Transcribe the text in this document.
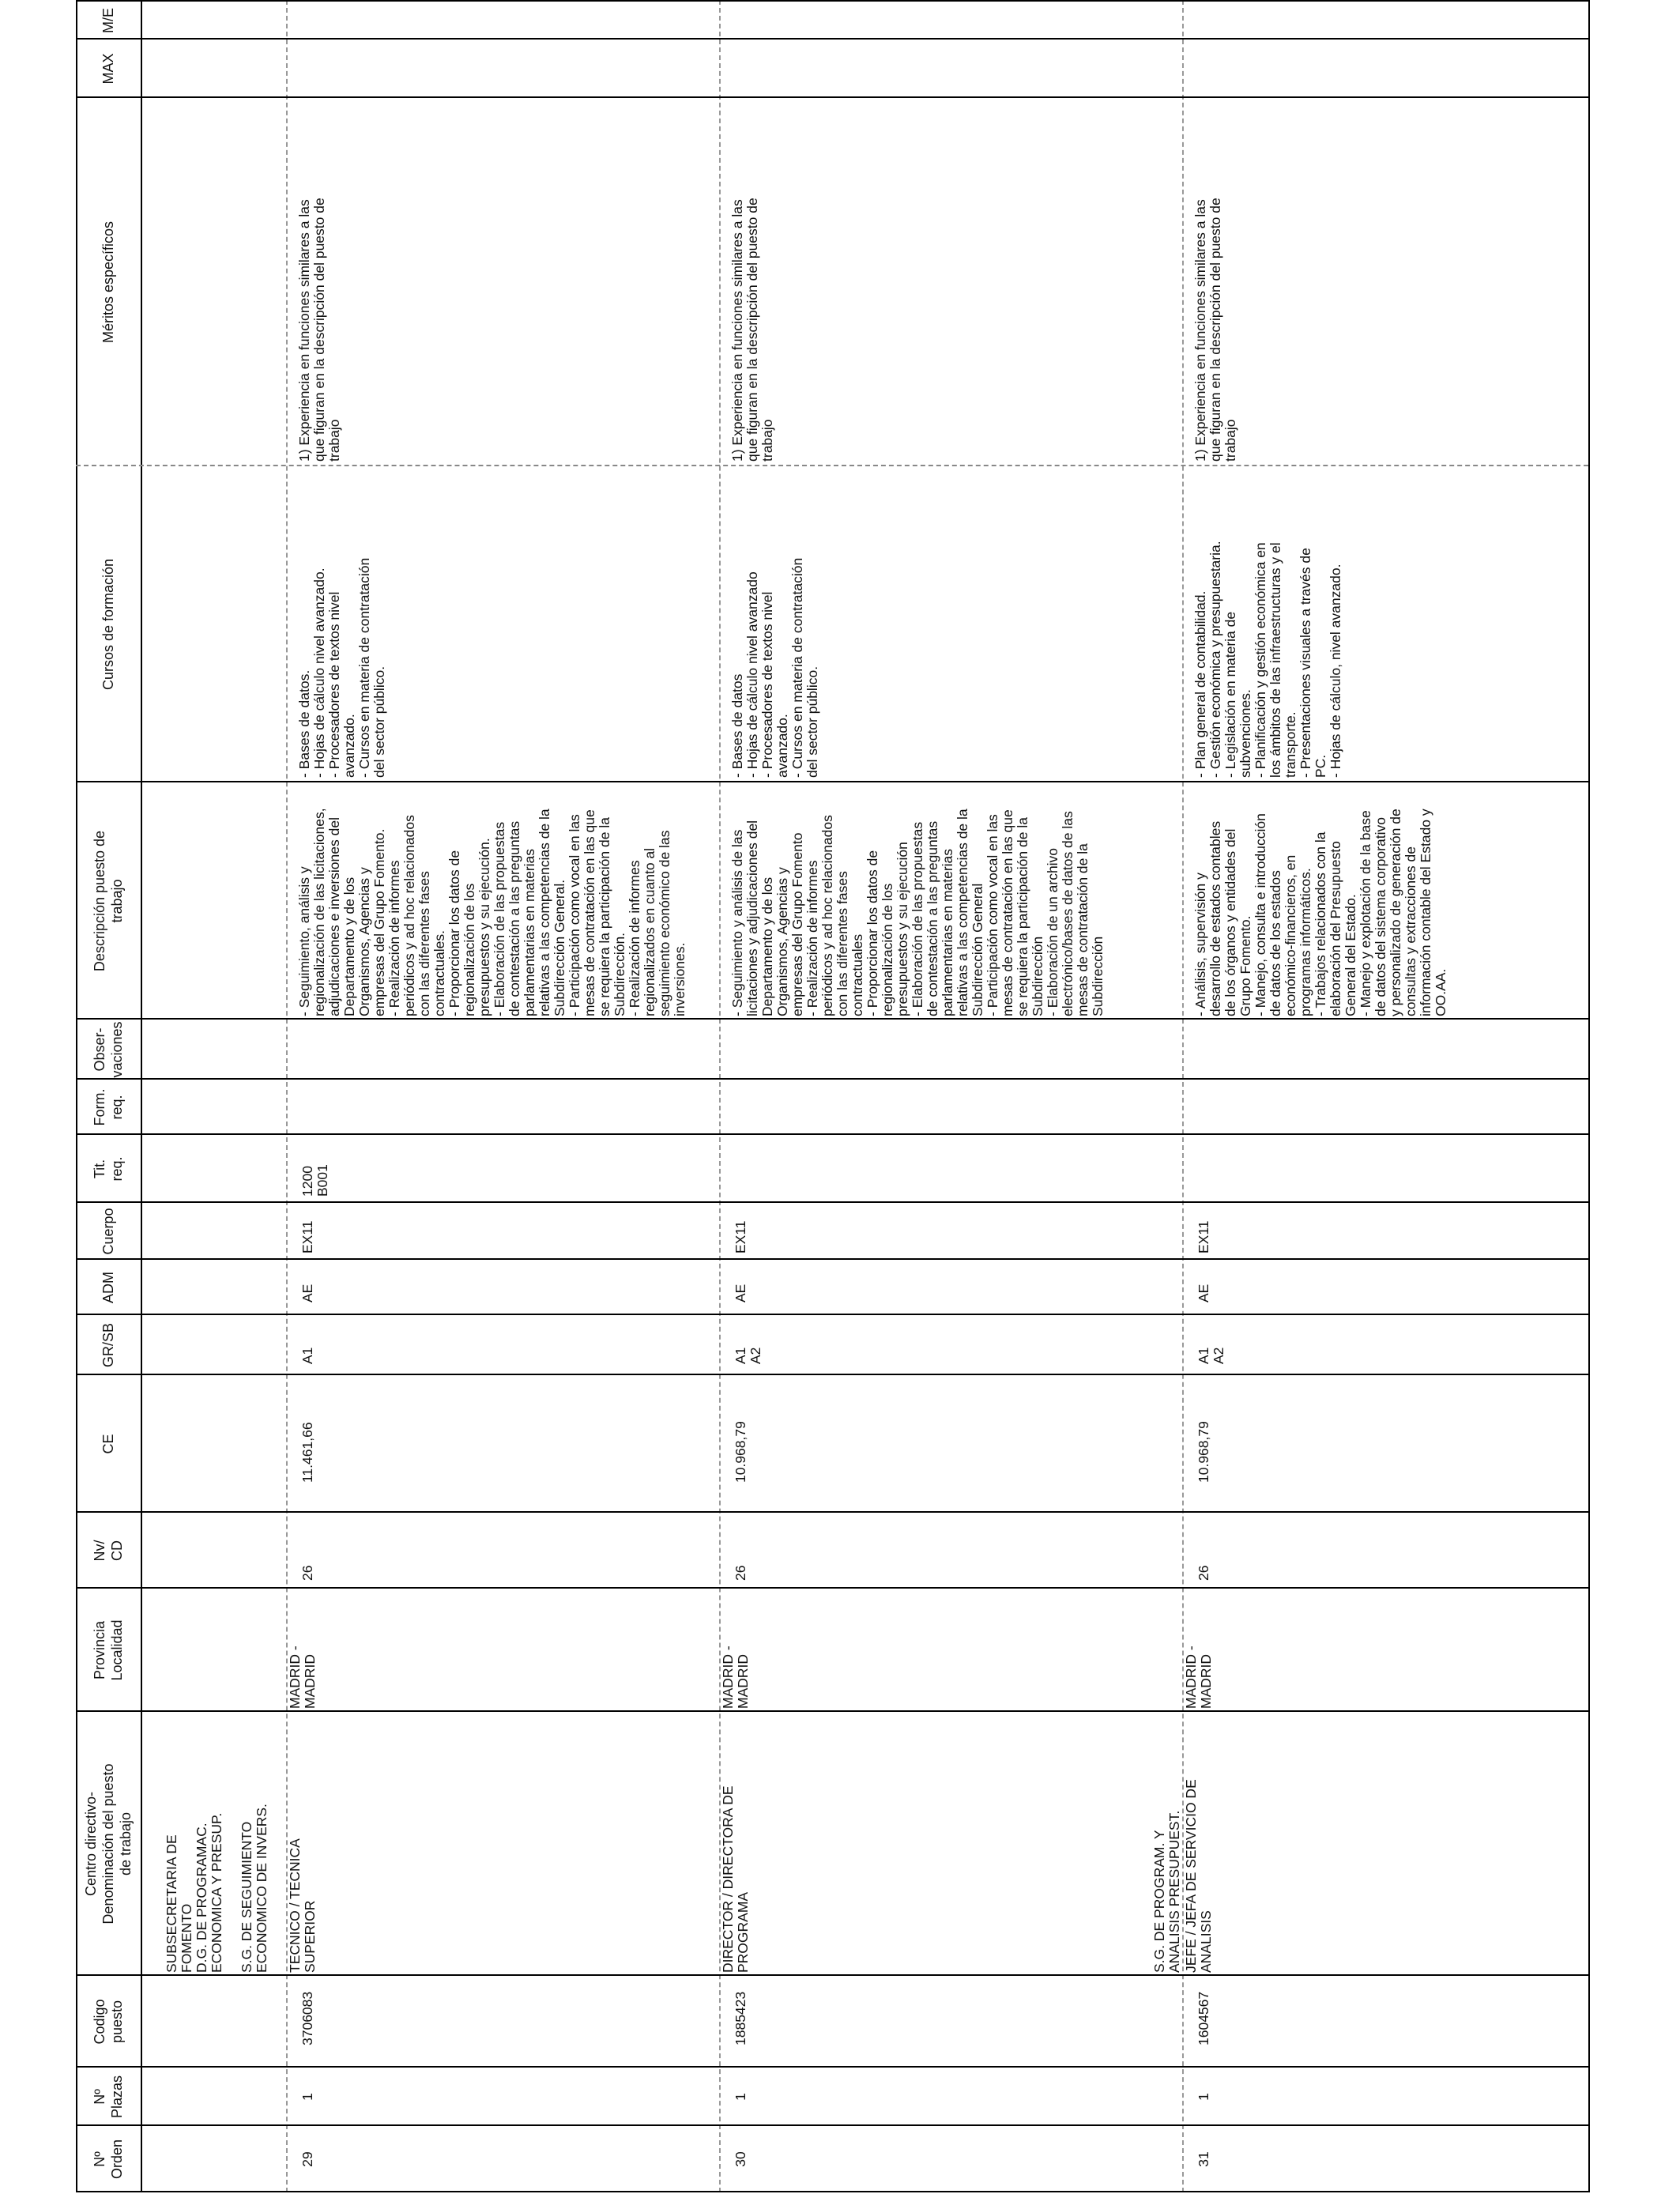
Nº
Orden
Nº
Plazas
Codigo
puesto
Centro directivo-
Denominación del puesto
de trabajo
Provincia
Localidad
Nv/
CD
CE
GR/SB
ADM
Cuerpo
Tit.
req.
Form.
req.
Obser-
vaciones
Descripción puesto de
trabajo
Cursos de formación
Méritos específicos
MAX
M/E
SUBSECRETARIA DE
FOMENTO
D.G. DE PROGRAMAC.
ECONOMICA Y PRESUP.

S.G. DE SEGUIMIENTO
ECONOMICO DE INVERS.
29
1
3706083
TECNICO / TECNICA
SUPERIOR
MADRID -
MADRID
26
11.461,66
A1
AE
EX11
1200
B001
- Seguimiento, análisis y
regionalización de las licitaciones,
adjudicaciones e inversiones del
Departamento y de los
Organismos, Agencias y
empresas del Grupo Fomento.
- Realización de informes
periódicos y ad hoc relacionados
con las diferentes fases
contractuales.
- Proporcionar los datos de
regionalización de los
presupuestos y su ejecución.
- Elaboración de las propuestas
de contestación a las preguntas
parlamentarias en materias
relativas a las competencias de la
Subdirección General.
- Participación como vocal en las
mesas de contratación en las que
se requiera la participación de la
Subdirección.
- Realización de informes
regionalizados en cuanto al
seguimiento económico de las
inversiones.
- Bases de datos.
- Hojas de cálculo nivel avanzado.
- Procesadores de textos nivel
avanzado.
- Cursos en materia de contratación
del sector público.
1) Experiencia en funciones similares a las
que figuran en la descripción del puesto de
trabajo
30
1
1885423
DIRECTOR / DIRECTORA DE
PROGRAMA
MADRID -
MADRID
26
10.968,79
A1
A2
AE
EX11
- Seguimiento y análisis de las
licitaciones y adjudicaciones del
Departamento y de los
Organismos, Agencias y
empresas del Grupo Fomento
- Realización de informes
periódicos y ad hoc relacionados
con las diferentes fases
contractuales
- Proporcionar los datos de
regionalización de los
presupuestos y su ejecución
- Elaboración de las propuestas
de contestación a las preguntas
parlamentarias en materias
relativas a las competencias de la
Subdirección General
- Participación como vocal en las
mesas de contratación en las que
se requiera la participación de la
Subdirección
- Elaboración de un archivo
electrónico/bases de datos de las
mesas de contratación de la
Subdirección
- Bases de datos
- Hojas de cálculo nivel avanzado
- Procesadores de textos nivel
avanzado.
- Cursos en materia de contratación
del sector público.
1) Experiencia en funciones similares a las
que figuran en la descripción del puesto de
trabajo
31
1
1604567
S.G. DE PROGRAM. Y
ANALISIS PRESUPUEST.
JEFE / JEFA DE SERVICIO DE
ANALISIS
MADRID -
MADRID
26
10.968,79
A1
A2
AE
EX11
- Análisis, supervisión y
desarrollo de estados contables
de los órganos y entidades del
Grupo Fomento.
- Manejo, consulta e introducción
de datos de los estados
económico-financieros, en
programas informáticos.
- Trabajos relacionados con la
elaboración del Presupuesto
General del Estado.
- Manejo y explotación de la base
de datos del sistema corporativo
y personalizado de generación de
consultas y extracciones de
información contable del Estado y
OO.AA.
- Plan general de contabilidad.
- Gestión económica y presupuestaria.
- Legislación en materia de
subvenciones.
- Planificación y gestión económica en
los ámbitos de las infraestructuras y el
transporte.
- Presentaciones visuales a través de
PC.
- Hojas de cálculo, nivel avanzado.
1) Experiencia en funciones similares a las
que figuran en la descripción del puesto de
trabajo
